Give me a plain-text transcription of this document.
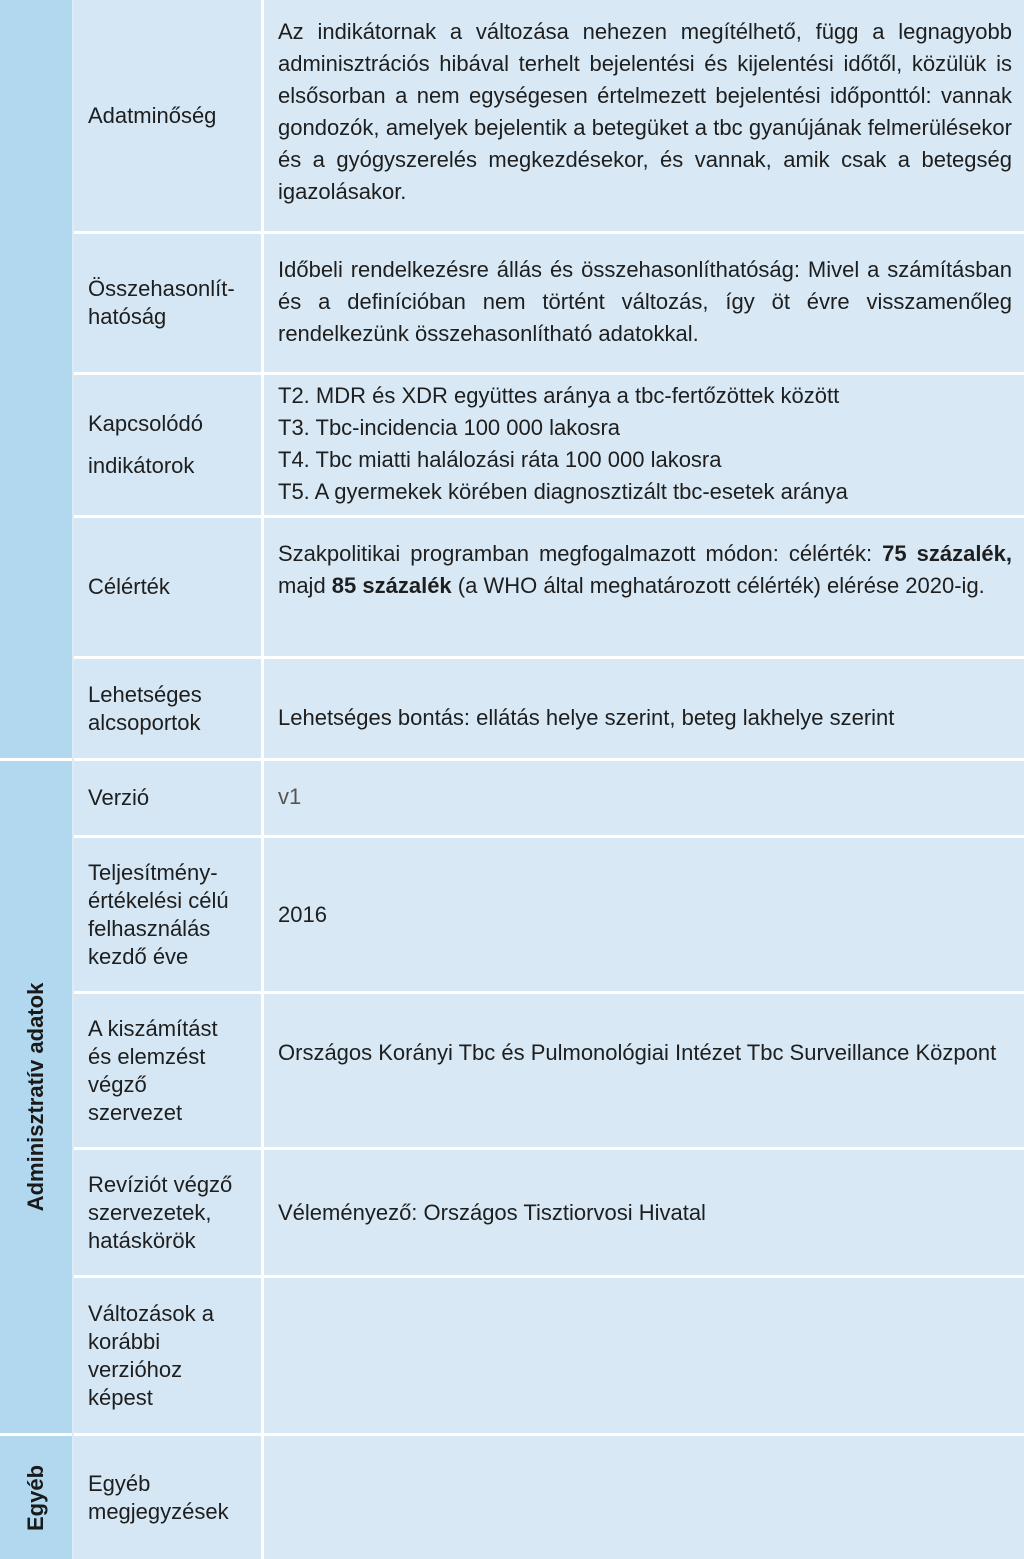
Adminisztratív adatok
Egyéb
Adatminőség
Az indikátornak a változása nehezen megítélhető, függ a legnagyobb adminisztrációs hibával terhelt bejelentési és kijelentési időtől, közülük is elsősorban a nem egységesen értelmezett bejelentési időponttól: vannak gondozók, amelyek bejelentik a betegüket a tbc gyanújának felmerülésekor és a gyógyszerelés megkezdésekor, és vannak, amik csak a betegség igazolásakor.
Összehasonlít-hatóság
Időbeli rendelkezésre állás és összehasonlíthatóság: Mivel a számításban és a definícióban nem történt változás, így öt évre visszamenőleg rendelkezünk összehasonlítható adatokkal.
Kapcsolódó
indikátorok
T2. MDR és XDR együttes aránya a tbc-fertőzöttek között
T3. Tbc-incidencia 100 000 lakosra
T4. Tbc miatti halálozási ráta 100 000 lakosra
T5. A gyermekek körében diagnosztizált tbc-esetek aránya
Célérték
Szakpolitikai programban megfogalmazott módon: célérték: 75 százalék, majd 85 százalék (a WHO által meghatározott célérték) elérése 2020-ig.
Lehetséges alcsoportok	Lehetséges bontás: ellátás helye szerint, beteg lakhelye szerint
Verzió	v1
Teljesítmény-értékelési célú felhasználás kezdő éve
2016
A kiszámítást és elemzést végző szervezet
Országos Korányi Tbc és Pulmonológiai Intézet Tbc Surveillance Központ
Revíziót végző szervezetek, hatáskörök
Véleményező: Országos Tisztiorvosi Hivatal
Változások a korábbi verzióhoz képest
Egyéb megjegyzések
